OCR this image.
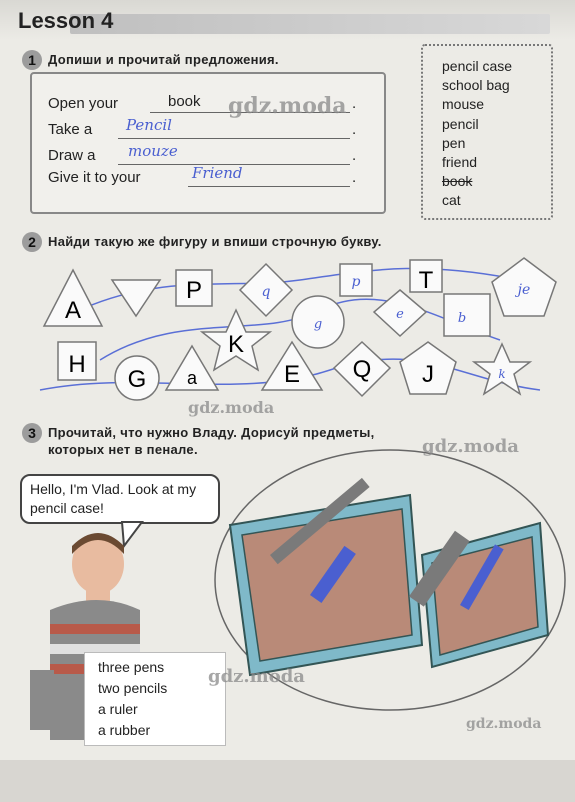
Lesson 4
1 Допиши и прочитай предложения.
Open your	book	.
Take a Pencil	.
Draw a mouze	.
Give it to your	Friend	.
pencil case
school bag
mouse
pencil
pen
friend
book
cat
2 Найди такую же фигуру и впиши строчную букву.
A
P	q
p T	je
g
e	b
K
H
G a	E Q J	k
3 Прочитай, что нужно Владу. Дорисуй предметы,
которых нет в пенале.
Hello, I'm Vlad. Look at my pencil case!
three pens
two pencils
a ruler
a rubber
gdz.moda
gdz.moda
gdz.moda
gdz.moda
gdz.moda
